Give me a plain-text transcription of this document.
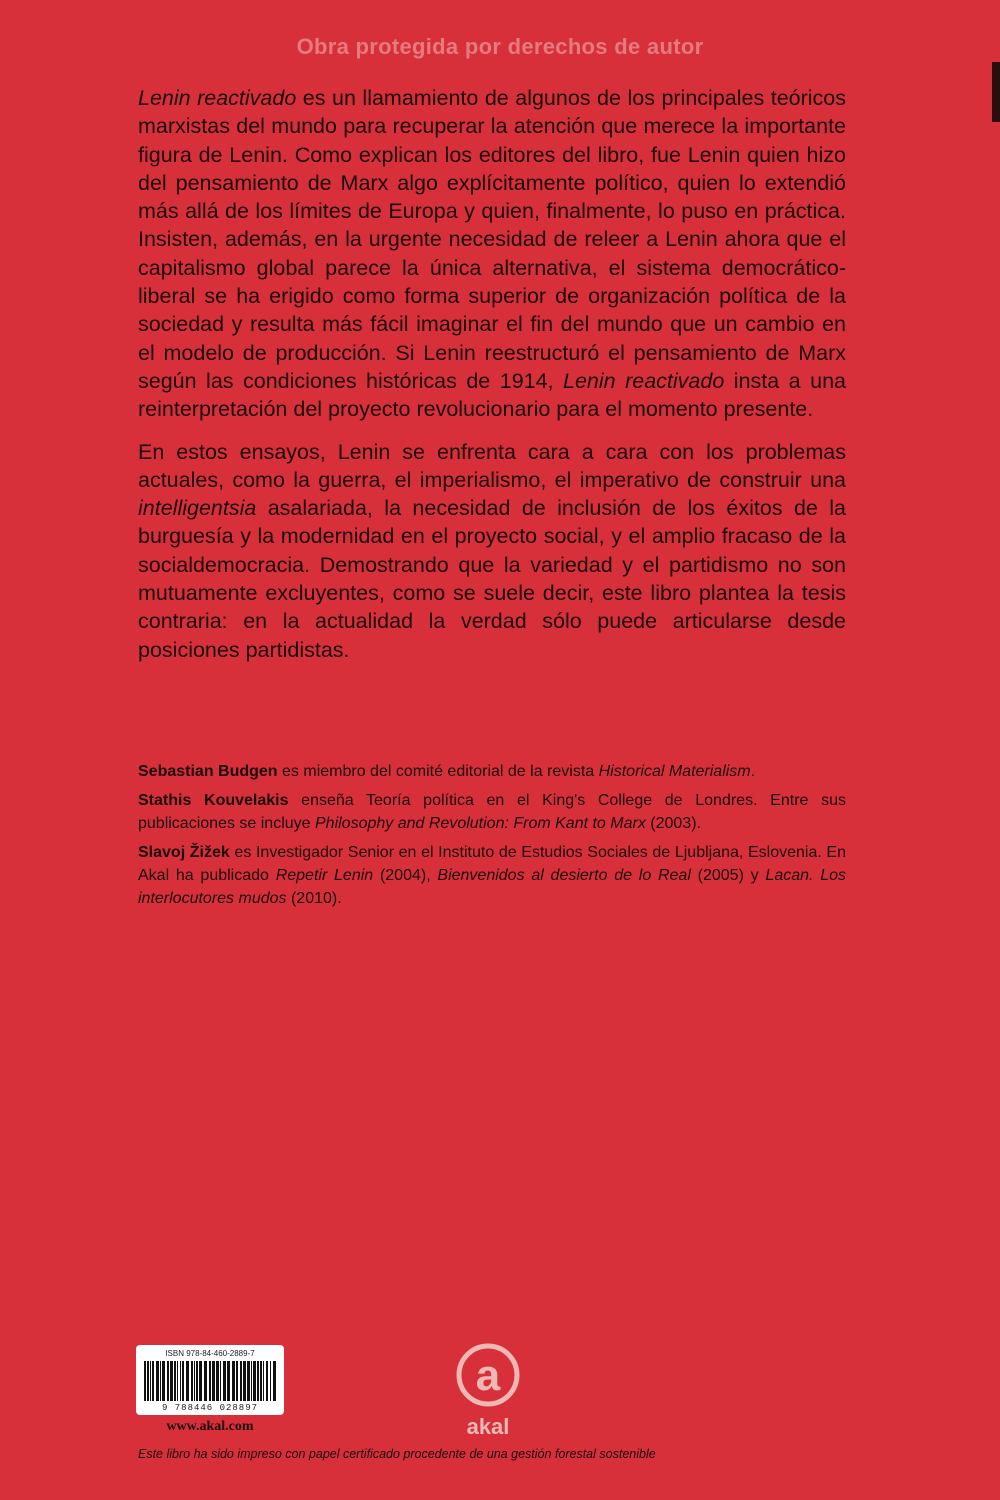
Obra protegida por derechos de autor

Lenin reactivado es un llamamiento de algunos de los principales teóricos marxistas del mundo para recuperar la atención que merece la importante figura de Lenin. Como explican los editores del libro, fue Lenin quien hizo del pensamiento de Marx algo explícitamente político, quien lo extendió más allá de los límites de Europa y quien, finalmente, lo puso en práctica. Insisten, además, en la urgente necesidad de releer a Lenin ahora que el capitalismo global parece la única alternativa, el sistema democrático-liberal se ha erigido como forma superior de organización política de la sociedad y resulta más fácil imaginar el fin del mundo que un cambio en el modelo de producción. Si Lenin reestructuró el pensamiento de Marx según las condiciones históricas de 1914, Lenin reactivado insta a una reinterpretación del proyecto revolucionario para el momento presente.

En estos ensayos, Lenin se enfrenta cara a cara con los problemas actuales, como la guerra, el imperialismo, el imperativo de construir una intelligentsia asalariada, la necesidad de inclusión de los éxitos de la burguesía y la modernidad en el proyecto social, y el amplio fracaso de la socialdemocracia. Demostrando que la variedad y el partidismo no son mutuamente excluyentes, como se suele decir, este libro plantea la tesis contraria: en la actualidad la verdad sólo puede articularse desde posiciones partidistas.

Sebastian Budgen es miembro del comité editorial de la revista Historical Materialism.

Stathis Kouvelakis enseña Teoría política en el King's College de Londres. Entre sus publicaciones se incluye Philosophy and Revolution: From Kant to Marx (2003).

Slavoj Žižek es Investigador Senior en el Instituto de Estudios Sociales de Ljubljana, Eslovenia. En Akal ha publicado Repetir Lenin (2004), Bienvenidos al desierto de lo Real (2005) y Lacan. Los interlocutores mudos (2010).

ISBN 978-84-460-2889-7
9 788446 028897
www.akal.com
a
akal
Este libro ha sido impreso con papel certificado procedente de una gestión forestal sostenible
